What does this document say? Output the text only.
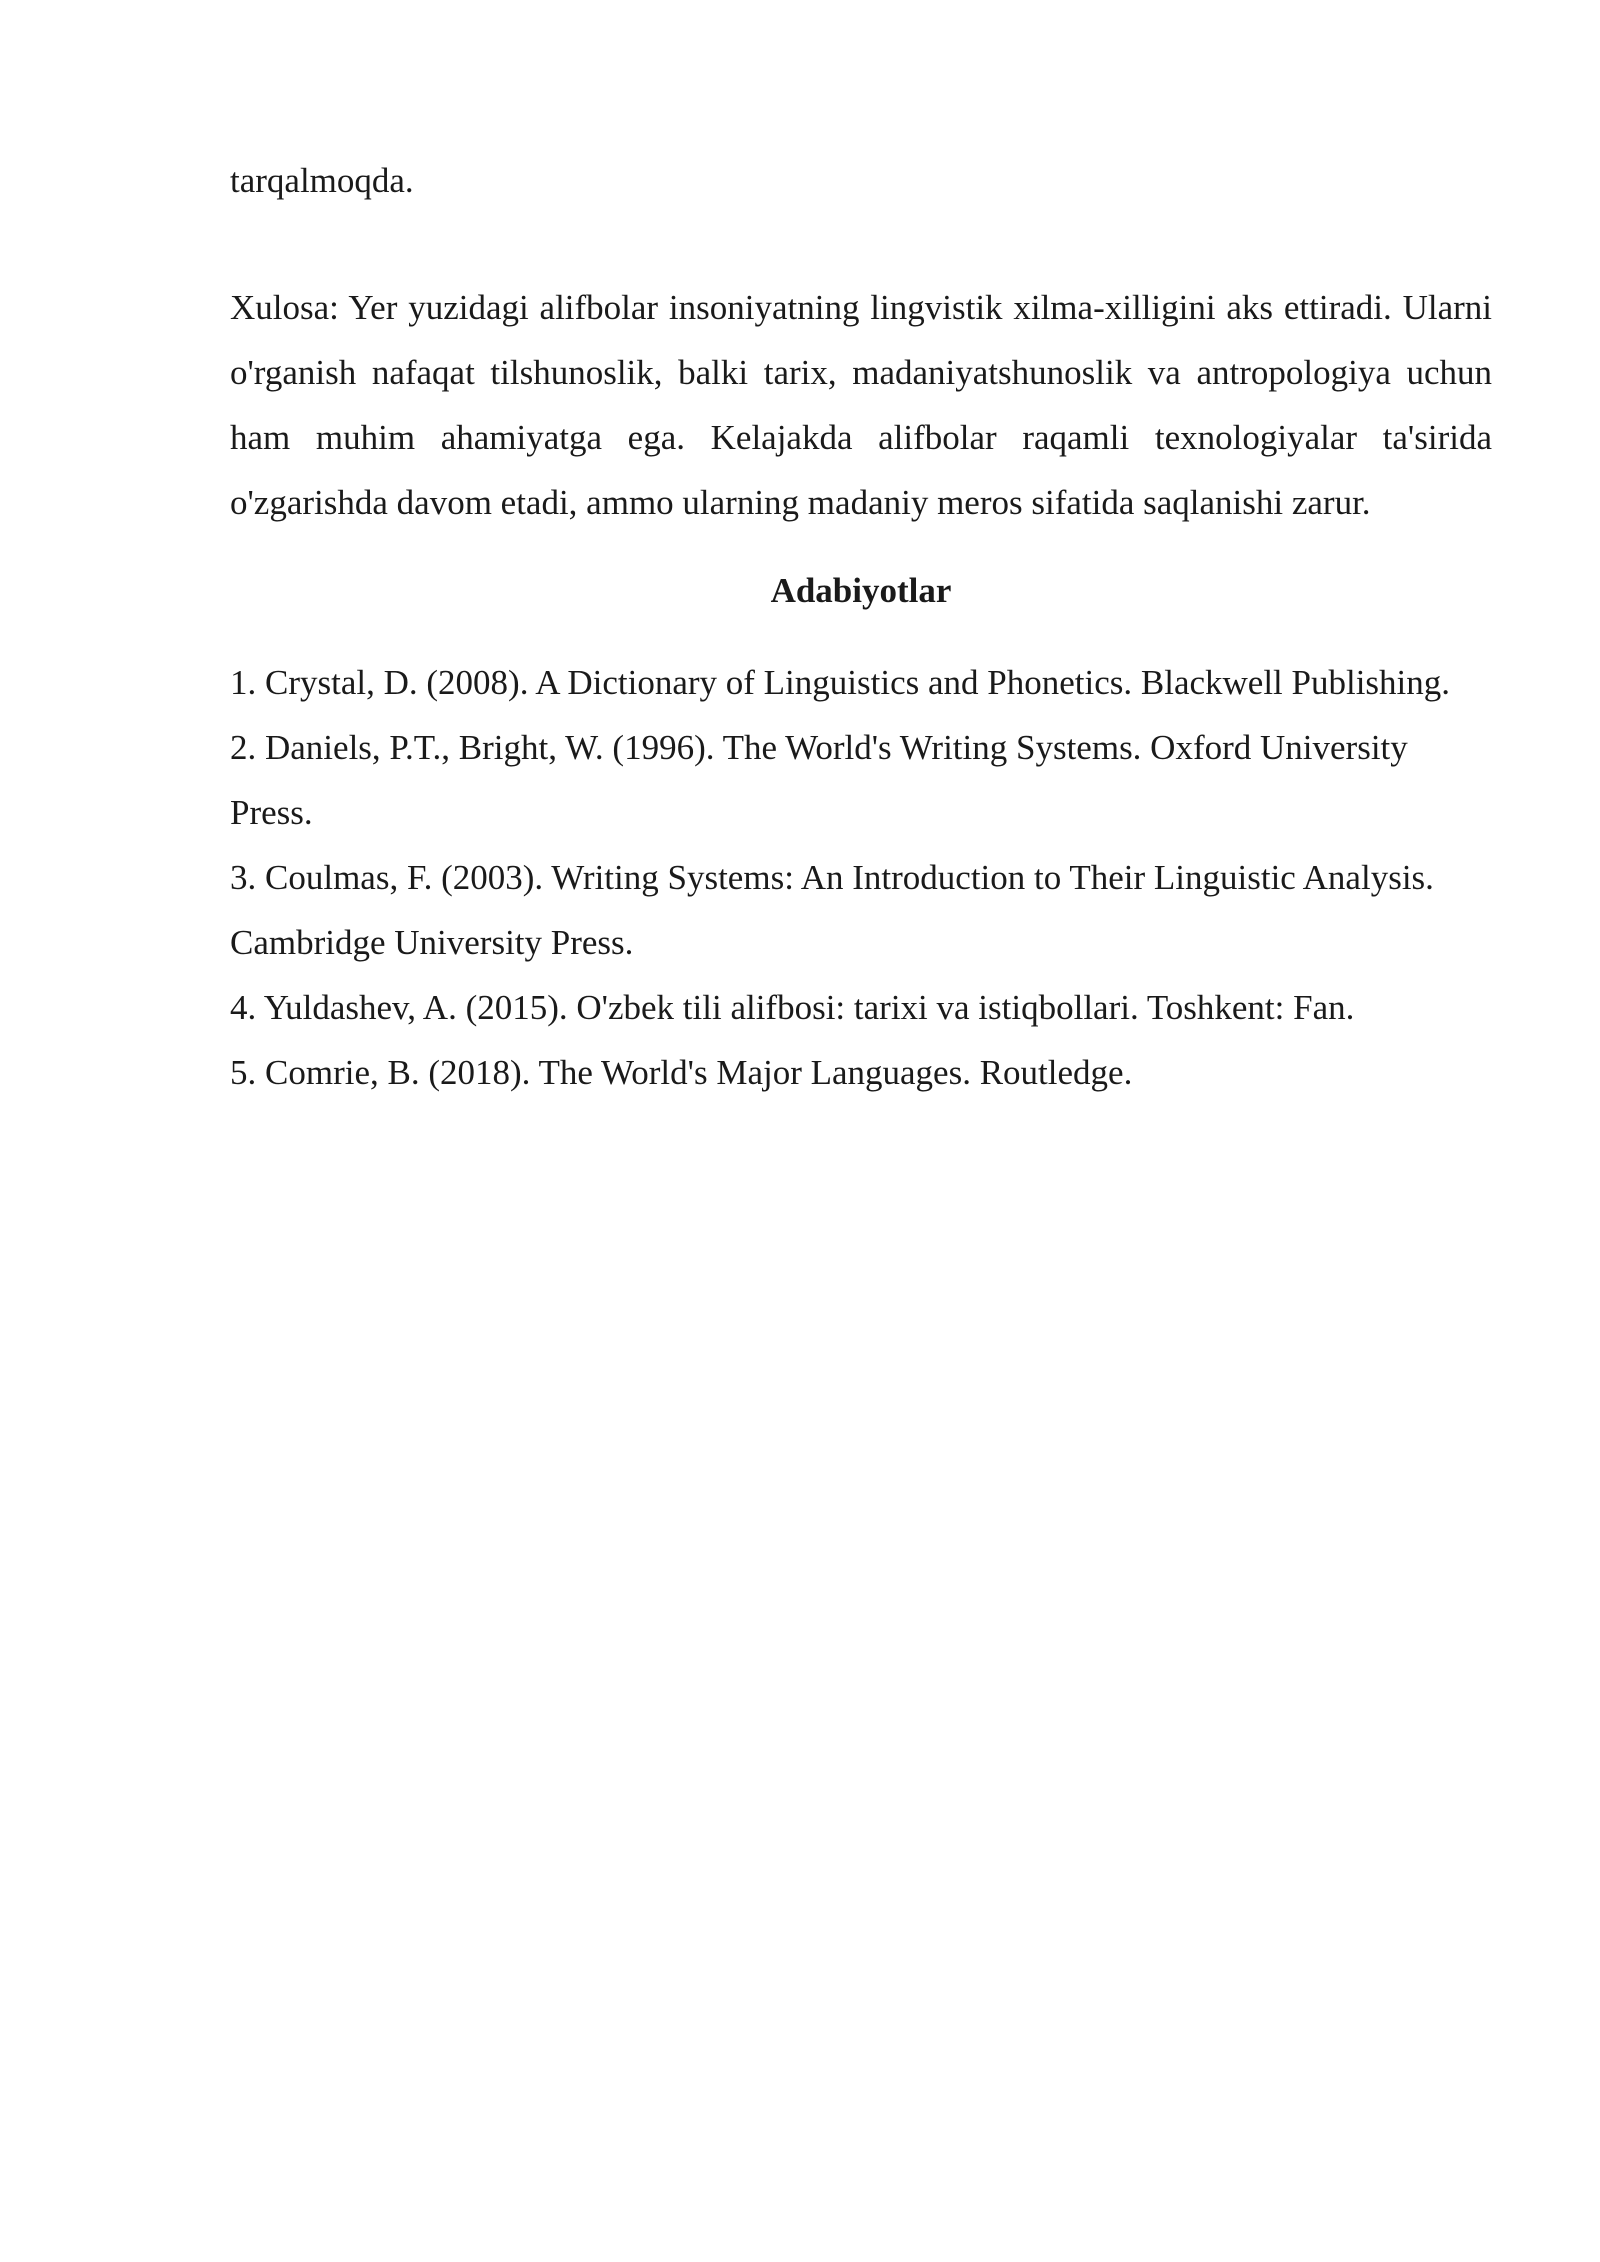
tarqalmoqda.

Xulosa: Yer yuzidagi alifbolar insoniyatning lingvistik xilma-xilligini aks ettiradi. Ularni o'rganish nafaqat tilshunoslik, balki tarix, madaniyatshunoslik va antropologiya uchun ham muhim ahamiyatga ega. Kelajakda alifbolar raqamli texnologiyalar ta'sirida o'zgarishda davom etadi, ammo ularning madaniy meros sifatida saqlanishi zarur.

Adabiyotlar

1. Crystal, D. (2008). A Dictionary of Linguistics and Phonetics. Blackwell Publishing.

2. Daniels, P.T., Bright, W. (1996). The World's Writing Systems. Oxford University Press.

3. Coulmas, F. (2003). Writing Systems: An Introduction to Their Linguistic Analysis. Cambridge University Press.

4. Yuldashev, A. (2015). O'zbek tili alifbosi: tarixi va istiqbollari. Toshkent: Fan.

5. Comrie, B. (2018). The World's Major Languages. Routledge.
